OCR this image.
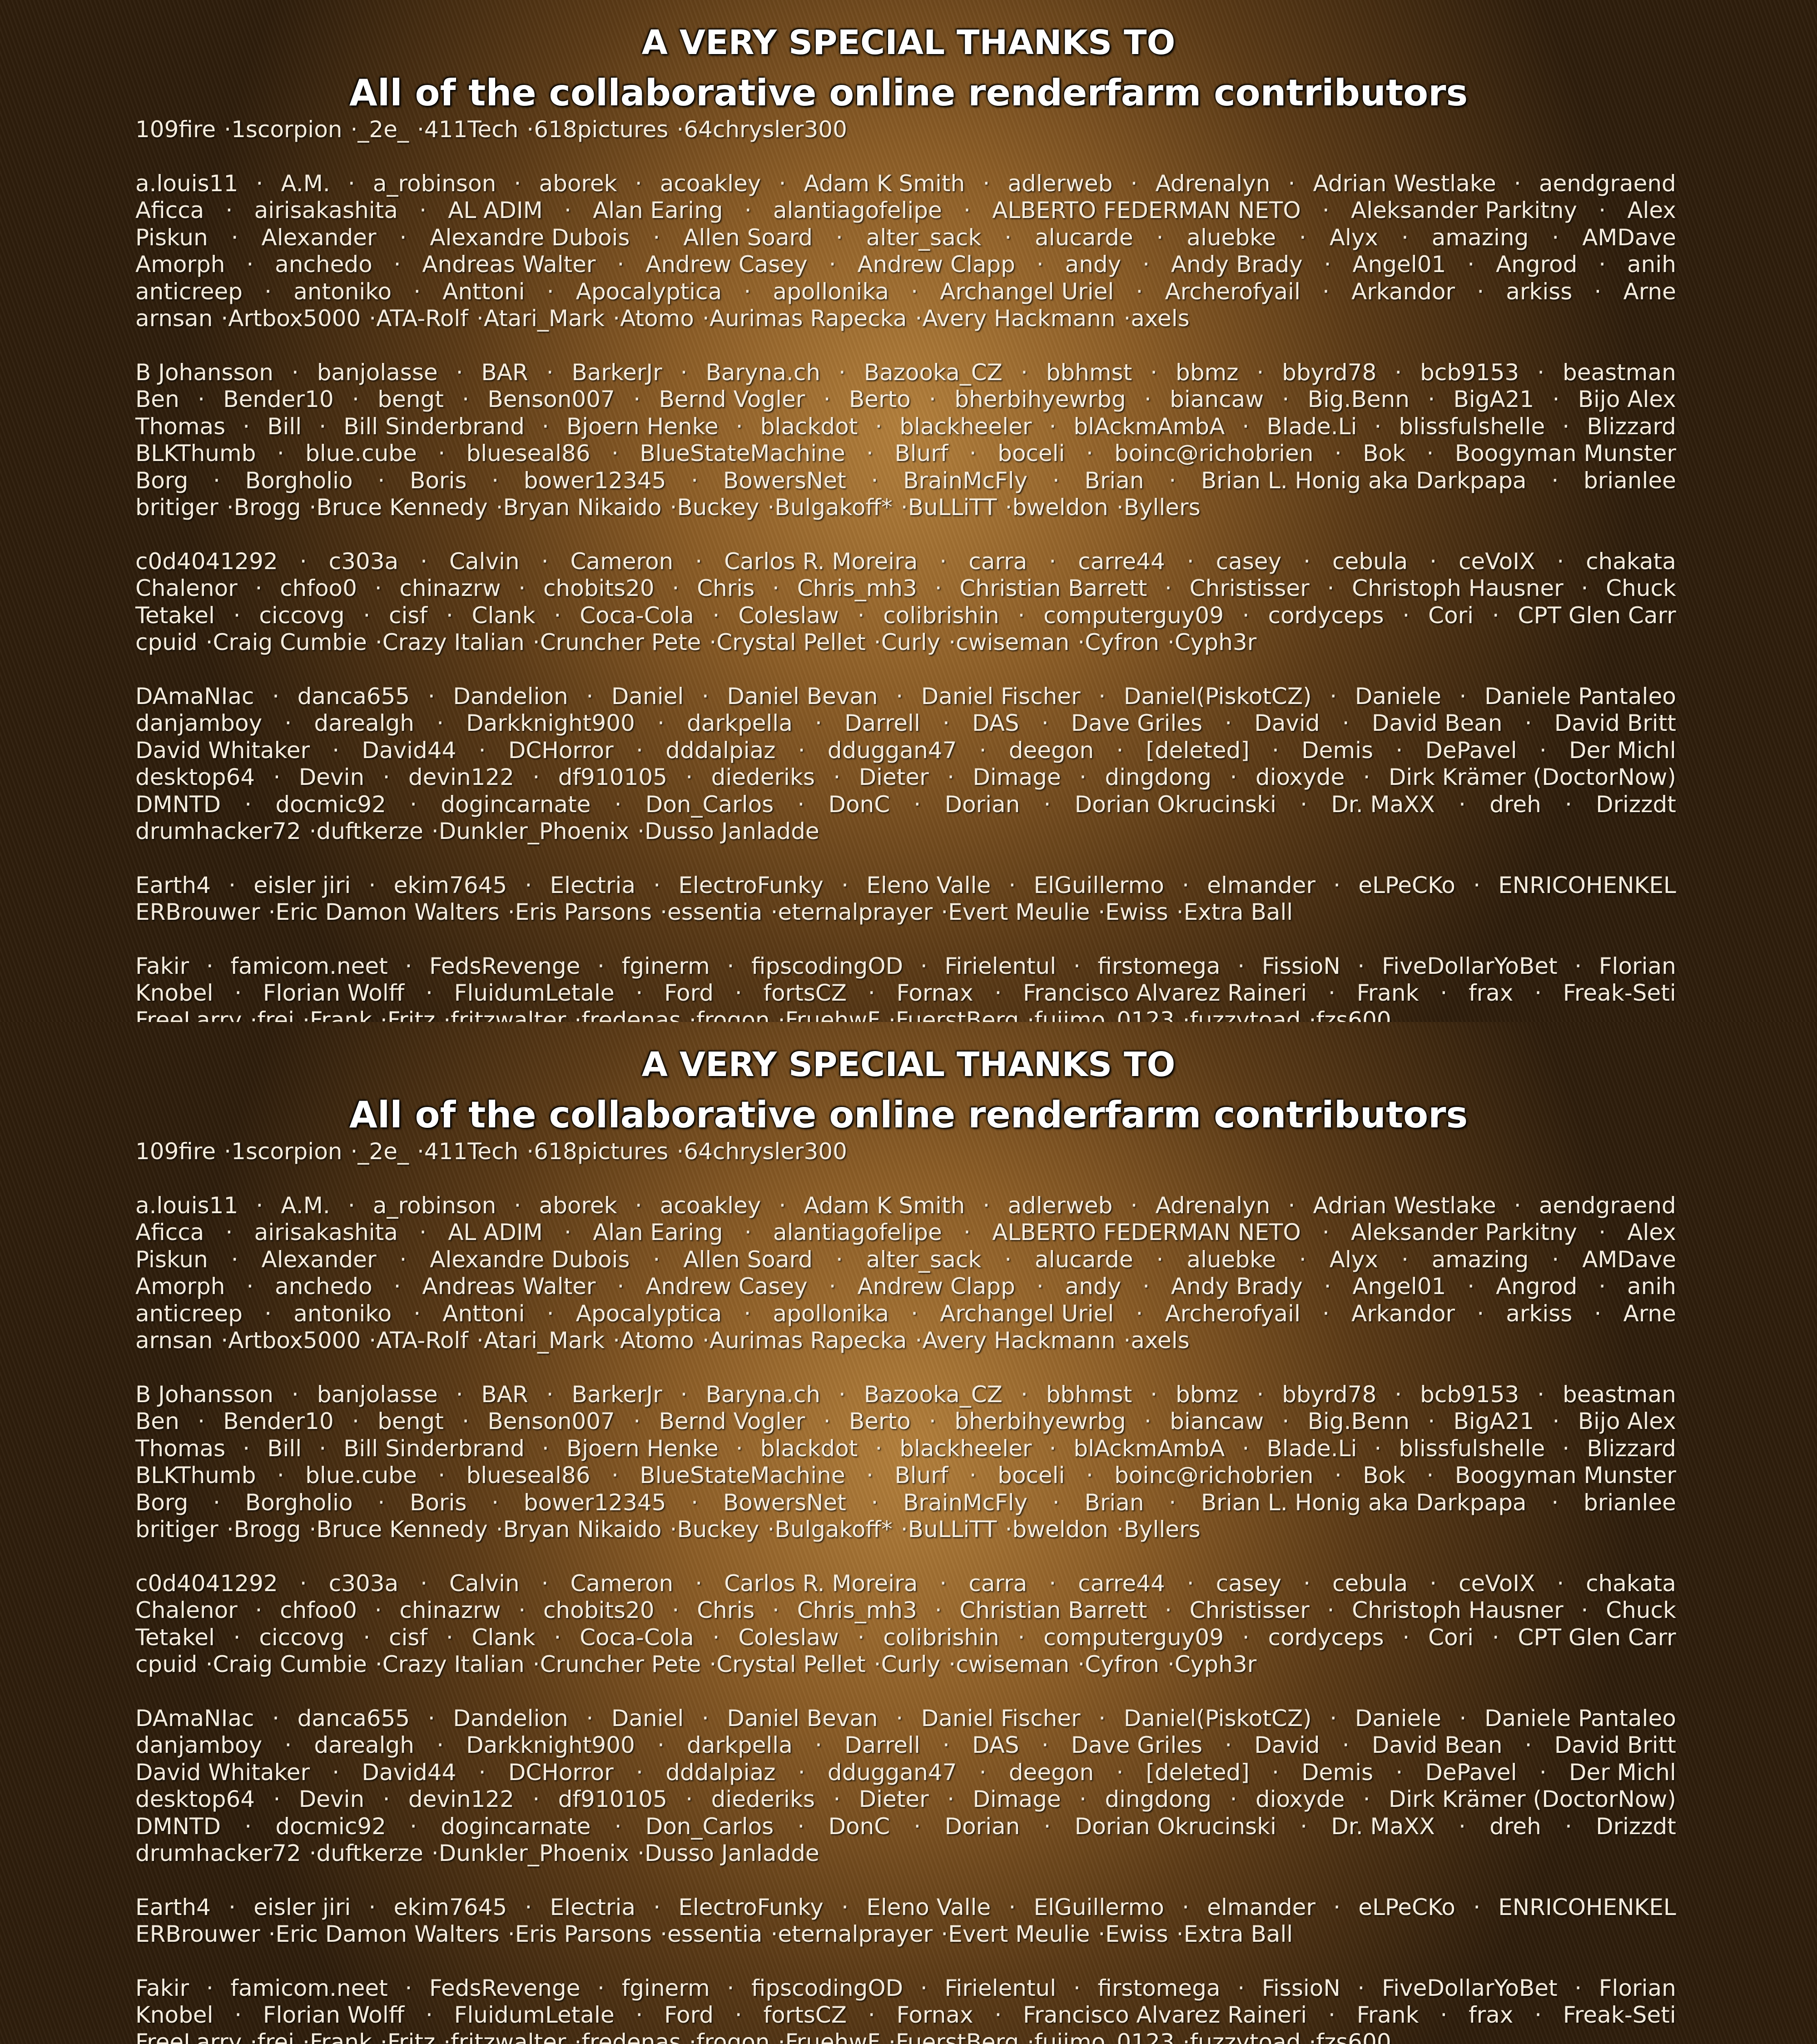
A VERY SPECIAL THANKS TO
All of the collaborative online renderfarm contributors
109fire · 1scorpion · _2e_ · 411Tech · 618pictures · 64chrysler300
a.louis11 · A.M. · a_robinson · aborek · acoakley · Adam K Smith · adlerweb · Adrenalyn · Adrian Westlake · aendgraend
Aficca · airisakashita · AL ADIM · Alan Earing · alantiagofelipe · ALBERTO FEDERMAN NETO · Aleksander Parkitny · Alex
Piskun · Alexander · Alexandre Dubois · Allen Soard · alter_sack · alucarde · aluebke · Alyx · amazing · AMDave
Amorph · anchedo · Andreas Walter · Andrew Casey · Andrew Clapp · andy · Andy Brady · Angel01 · Angrod · anih
anticreep · antoniko · Anttoni · Apocalyptica · apollonika · Archangel Uriel · Archerofyail · Arkandor · arkiss · Arne
arnsan · Artbox5000 · ATA-Rolf · Atari_Mark · Atomo · Aurimas Rapecka · Avery Hackmann · axels
B Johansson · banjolasse · BAR · BarkerJr · Baryna.ch · Bazooka_CZ · bbhmst · bbmz · bbyrd78 · bcb9153 · beastman
Ben · Bender10 · bengt · Benson007 · Bernd Vogler · Berto · bherbihyewrbg · biancaw · Big.Benn · BigA21 · Bijo Alex
Thomas · Bill · Bill Sinderbrand · Bjoern Henke · blackdot · blackheeler · blAckmAmbA · Blade.Li · blissfulshelle · Blizzard
BLKThumb · blue.cube · blueseal86 · BlueStateMachine · Blurf · boceli · boinc@richobrien · Bok · Boogyman Munster
Borg · Borgholio · Boris · bower12345 · BowersNet · BrainMcFly · Brian · Brian L. Honig aka Darkpapa · brianlee
britiger · Brogg · Bruce Kennedy · Bryan Nikaido · Buckey · Bulgakoff* · BuLLiTT · bweldon · Byllers
c0d4041292 · c303a · Calvin · Cameron · Carlos R. Moreira · carra · carre44 · casey · cebula · ceVoIX · chakata
Chalenor · chfoo0 · chinazrw · chobits20 · Chris · Chris_mh3 · Christian Barrett · Christisser · Christoph Hausner · Chuck
Tetakel · ciccovg · cisf · Clank · Coca-Cola · Coleslaw · colibrishin · computerguy09 · cordyceps · Cori · CPT Glen Carr
cpuid · Craig Cumbie · Crazy Italian · Cruncher Pete · Crystal Pellet · Curly · cwiseman · Cyfron · Cyph3r
DAmaNIac · danca655 · Dandelion · Daniel · Daniel Bevan · Daniel Fischer · Daniel(PiskotCZ) · Daniele · Daniele Pantaleo
danjamboy · darealgh · Darkknight900 · darkpella · Darrell · DAS · Dave Griles · David · David Bean · David Britt
David Whitaker · David44 · DCHorror · dddalpiaz · dduggan47 · deegon · [deleted] · Demis · DePavel · Der Michl
desktop64 · Devin · devin122 · df910105 · diederiks · Dieter · Dimage · dingdong · dioxyde · Dirk Krämer (DoctorNow)
DMNTD · docmic92 · dogincarnate · Don_Carlos · DonC · Dorian · Dorian Okrucinski · Dr. MaXX · dreh · Drizzdt
drumhacker72 · duftkerze · Dunkler_Phoenix · Dusso Janladde
Earth4 · eisler jiri · ekim7645 · Electria · ElectroFunky · Eleno Valle · ElGuillermo · elmander · eLPeCKo · ENRICOHENKEL
ERBrouwer · Eric Damon Walters · Eris Parsons · essentia · eternalprayer · Evert Meulie · Ewiss · Extra Ball
Fakir · famicom.neet · FedsRevenge · fginerm · fipscodingOD · Firielentul · firstomega · FissioN · FiveDollarYoBet · Florian
Knobel · Florian Wolff · FluidumLetale · Ford · fortsCZ · Fornax · Francisco Alvarez Raineri · Frank · frax · Freak-Seti
FreeLarry · frei · Frank · Fritz · fritzwalter · fredenas · frogon · FruehwF · FuerstBerg · fujimo_0123 · fuzzytoad · fzs600
A VERY SPECIAL THANKS TO
All of the collaborative online renderfarm contributors
109fire · 1scorpion · _2e_ · 411Tech · 618pictures · 64chrysler300
a.louis11 · A.M. · a_robinson · aborek · acoakley · Adam K Smith · adlerweb · Adrenalyn · Adrian Westlake · aendgraend
Aficca · airisakashita · AL ADIM · Alan Earing · alantiagofelipe · ALBERTO FEDERMAN NETO · Aleksander Parkitny · Alex
Piskun · Alexander · Alexandre Dubois · Allen Soard · alter_sack · alucarde · aluebke · Alyx · amazing · AMDave
Amorph · anchedo · Andreas Walter · Andrew Casey · Andrew Clapp · andy · Andy Brady · Angel01 · Angrod · anih
anticreep · antoniko · Anttoni · Apocalyptica · apollonika · Archangel Uriel · Archerofyail · Arkandor · arkiss · Arne
arnsan · Artbox5000 · ATA-Rolf · Atari_Mark · Atomo · Aurimas Rapecka · Avery Hackmann · axels
B Johansson · banjolasse · BAR · BarkerJr · Baryna.ch · Bazooka_CZ · bbhmst · bbmz · bbyrd78 · bcb9153 · beastman
Ben · Bender10 · bengt · Benson007 · Bernd Vogler · Berto · bherbihyewrbg · biancaw · Big.Benn · BigA21 · Bijo Alex
Thomas · Bill · Bill Sinderbrand · Bjoern Henke · blackdot · blackheeler · blAckmAmbA · Blade.Li · blissfulshelle · Blizzard
BLKThumb · blue.cube · blueseal86 · BlueStateMachine · Blurf · boceli · boinc@richobrien · Bok · Boogyman Munster
Borg · Borgholio · Boris · bower12345 · BowersNet · BrainMcFly · Brian · Brian L. Honig aka Darkpapa · brianlee
britiger · Brogg · Bruce Kennedy · Bryan Nikaido · Buckey · Bulgakoff* · BuLLiTT · bweldon · Byllers
c0d4041292 · c303a · Calvin · Cameron · Carlos R. Moreira · carra · carre44 · casey · cebula · ceVoIX · chakata
Chalenor · chfoo0 · chinazrw · chobits20 · Chris · Chris_mh3 · Christian Barrett · Christisser · Christoph Hausner · Chuck
Tetakel · ciccovg · cisf · Clank · Coca-Cola · Coleslaw · colibrishin · computerguy09 · cordyceps · Cori · CPT Glen Carr
cpuid · Craig Cumbie · Crazy Italian · Cruncher Pete · Crystal Pellet · Curly · cwiseman · Cyfron · Cyph3r
DAmaNIac · danca655 · Dandelion · Daniel · Daniel Bevan · Daniel Fischer · Daniel(PiskotCZ) · Daniele · Daniele Pantaleo
danjamboy · darealgh · Darkknight900 · darkpella · Darrell · DAS · Dave Griles · David · David Bean · David Britt
David Whitaker · David44 · DCHorror · dddalpiaz · dduggan47 · deegon · [deleted] · Demis · DePavel · Der Michl
desktop64 · Devin · devin122 · df910105 · diederiks · Dieter · Dimage · dingdong · dioxyde · Dirk Krämer (DoctorNow)
DMNTD · docmic92 · dogincarnate · Don_Carlos · DonC · Dorian · Dorian Okrucinski · Dr. MaXX · dreh · Drizzdt
drumhacker72 · duftkerze · Dunkler_Phoenix · Dusso Janladde
Earth4 · eisler jiri · ekim7645 · Electria · ElectroFunky · Eleno Valle · ElGuillermo · elmander · eLPeCKo · ENRICOHENKEL
ERBrouwer · Eric Damon Walters · Eris Parsons · essentia · eternalprayer · Evert Meulie · Ewiss · Extra Ball
Fakir · famicom.neet · FedsRevenge · fginerm · fipscodingOD · Firielentul · firstomega · FissioN · FiveDollarYoBet · Florian
Knobel · Florian Wolff · FluidumLetale · Ford · fortsCZ · Fornax · Francisco Alvarez Raineri · Frank · frax · Freak-Seti
FreeLarry · frei · Frank · Fritz · fritzwalter · fredenas · frogon · FruehwF · FuerstBerg · fujimo_0123 · fuzzytoad · fzs600
